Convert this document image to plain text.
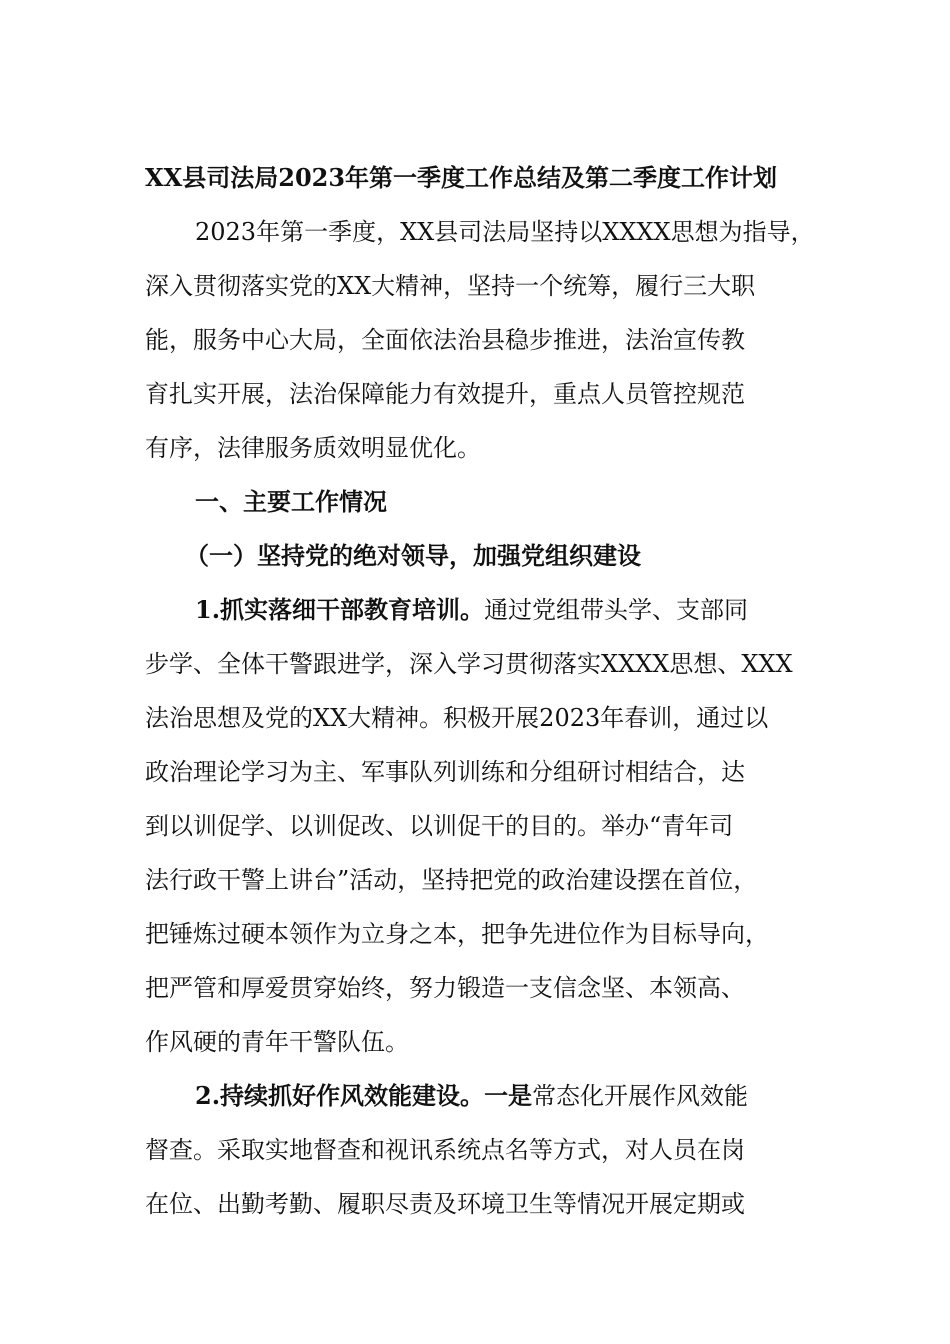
XX县司法局2023年第一季度工作总结及第二季度工作计划
2023年第一季度，XX县司法局坚持以XXXX思想为指导，
深入贯彻落实党的XX大精神，坚持一个统筹，履行三大职
能，服务中心大局，全面依法治县稳步推进，法治宣传教
育扎实开展，法治保障能力有效提升，重点人员管控规范
有序，法律服务质效明显优化。
一、主要工作情况
（一）坚持党的绝对领导，加强党组织建设
1.抓实落细干部教育培训。通过党组带头学、支部同
步学、全体干警跟进学，深入学习贯彻落实XXXX思想、XXX
法治思想及党的XX大精神。积极开展2023年春训，通过以
政治理论学习为主、军事队列训练和分组研讨相结合，达
到以训促学、以训促改、以训促干的目的。举办“青年司
法行政干警上讲台”活动，坚持把党的政治建设摆在首位，
把锤炼过硬本领作为立身之本，把争先进位作为目标导向，
把严管和厚爱贯穿始终，努力锻造一支信念坚、本领高、
作风硬的青年干警队伍。
2.持续抓好作风效能建设。一是常态化开展作风效能
督查。采取实地督查和视讯系统点名等方式，对人员在岗
在位、出勤考勤、履职尽责及环境卫生等情况开展定期或
